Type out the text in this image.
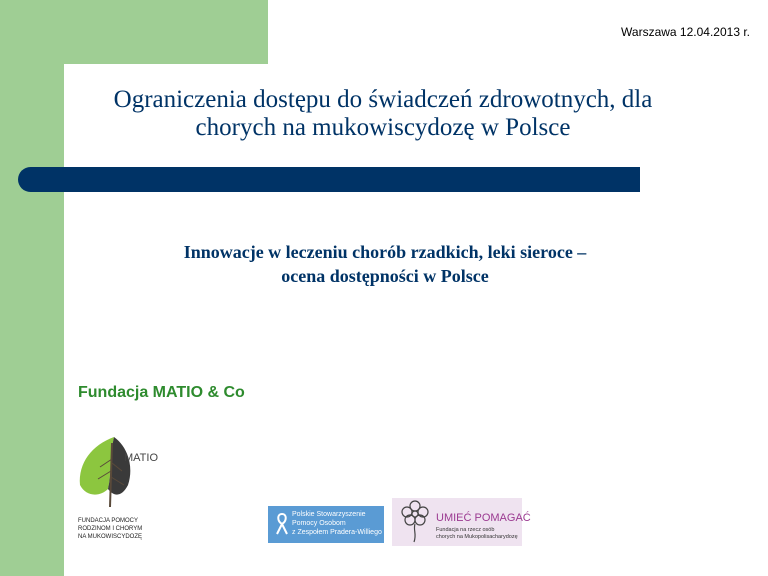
Warszawa 12.04.2013 r.
Ograniczenia dostępu do świadczeń zdrowotnych, dla
chorych na mukowiscydozę w Polsce
Innowacje w leczeniu chorób rzadkich, leki sieroce –
ocena dostępności w Polsce
Fundacja MATIO & Co
MATIO
FUNDACJA POMOCY
RODZINOM I CHORYM
NA MUKOWISCYDOZĘ
Polskie Stowarzyszenie
Pomocy Osobom
z Zespołem Pradera-Williego
UMIEĆ POMAGAĆ
Fundacja na rzecz osób
chorych na Mukopolisacharydozę
